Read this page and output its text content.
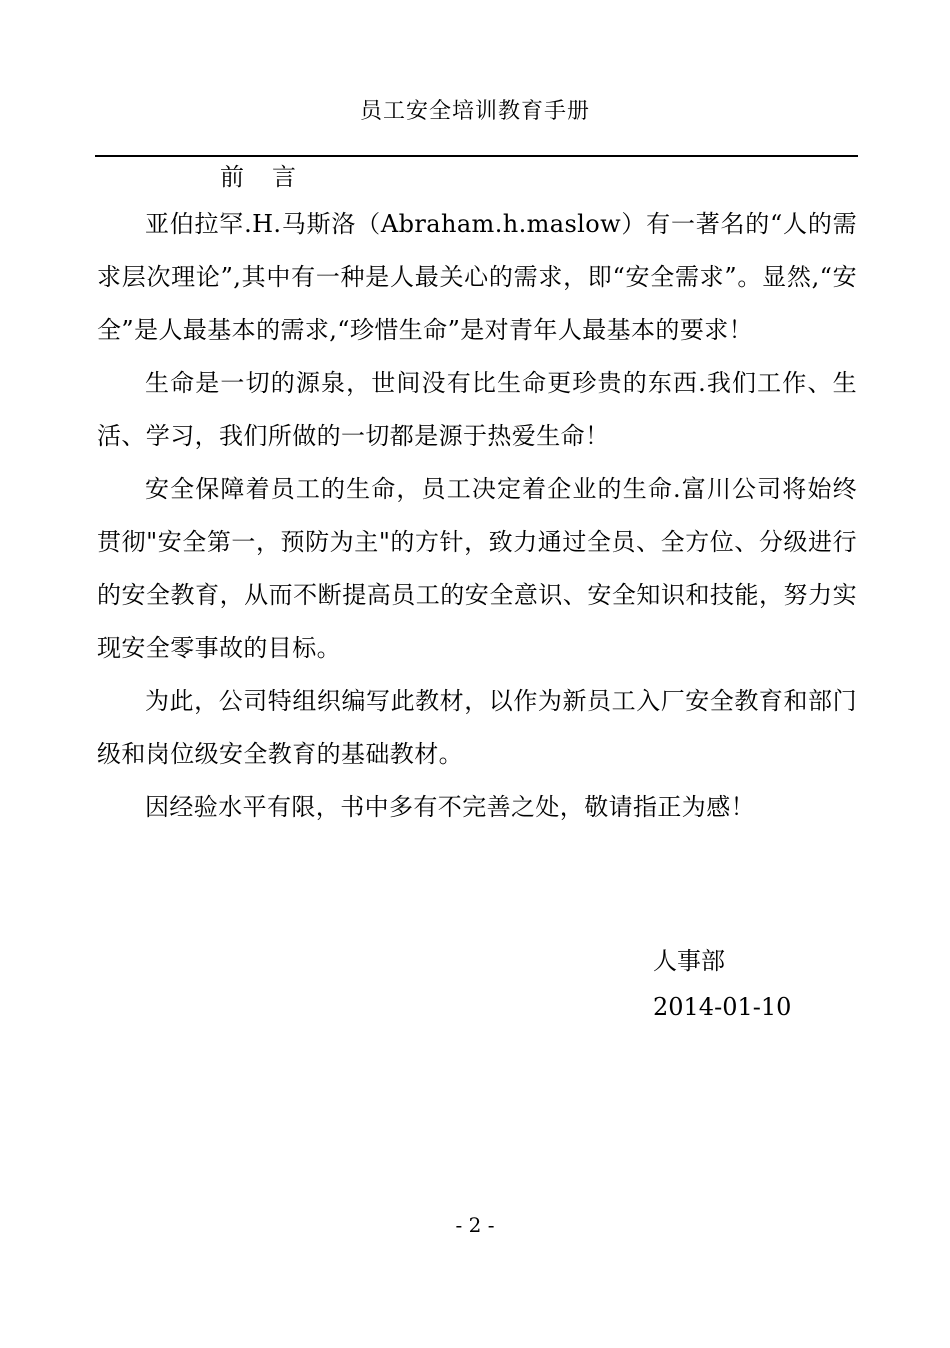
员工安全培训教育手册
前　言

亚伯拉罕.H.马斯洛（Abraham.h.maslow）有一著名的“人的需求层次理论”,其中有一种是人最关心的需求，即“安全需求”。显然,“安全”是人最基本的需求,“珍惜生命”是对青年人最基本的要求！

生命是一切的源泉，世间没有比生命更珍贵的东西.我们工作、生活、学习，我们所做的一切都是源于热爱生命！

安全保障着员工的生命，员工决定着企业的生命.富川公司将始终贯彻"安全第一，预防为主"的方针，致力通过全员、全方位、分级进行的安全教育，从而不断提高员工的安全意识、安全知识和技能，努力实现安全零事故的目标。

为此，公司特组织编写此教材，以作为新员工入厂安全教育和部门级和岗位级安全教育的基础教材。

因经验水平有限，书中多有不完善之处，敬请指正为感！

人事部
2014-01-10
- 2 -
